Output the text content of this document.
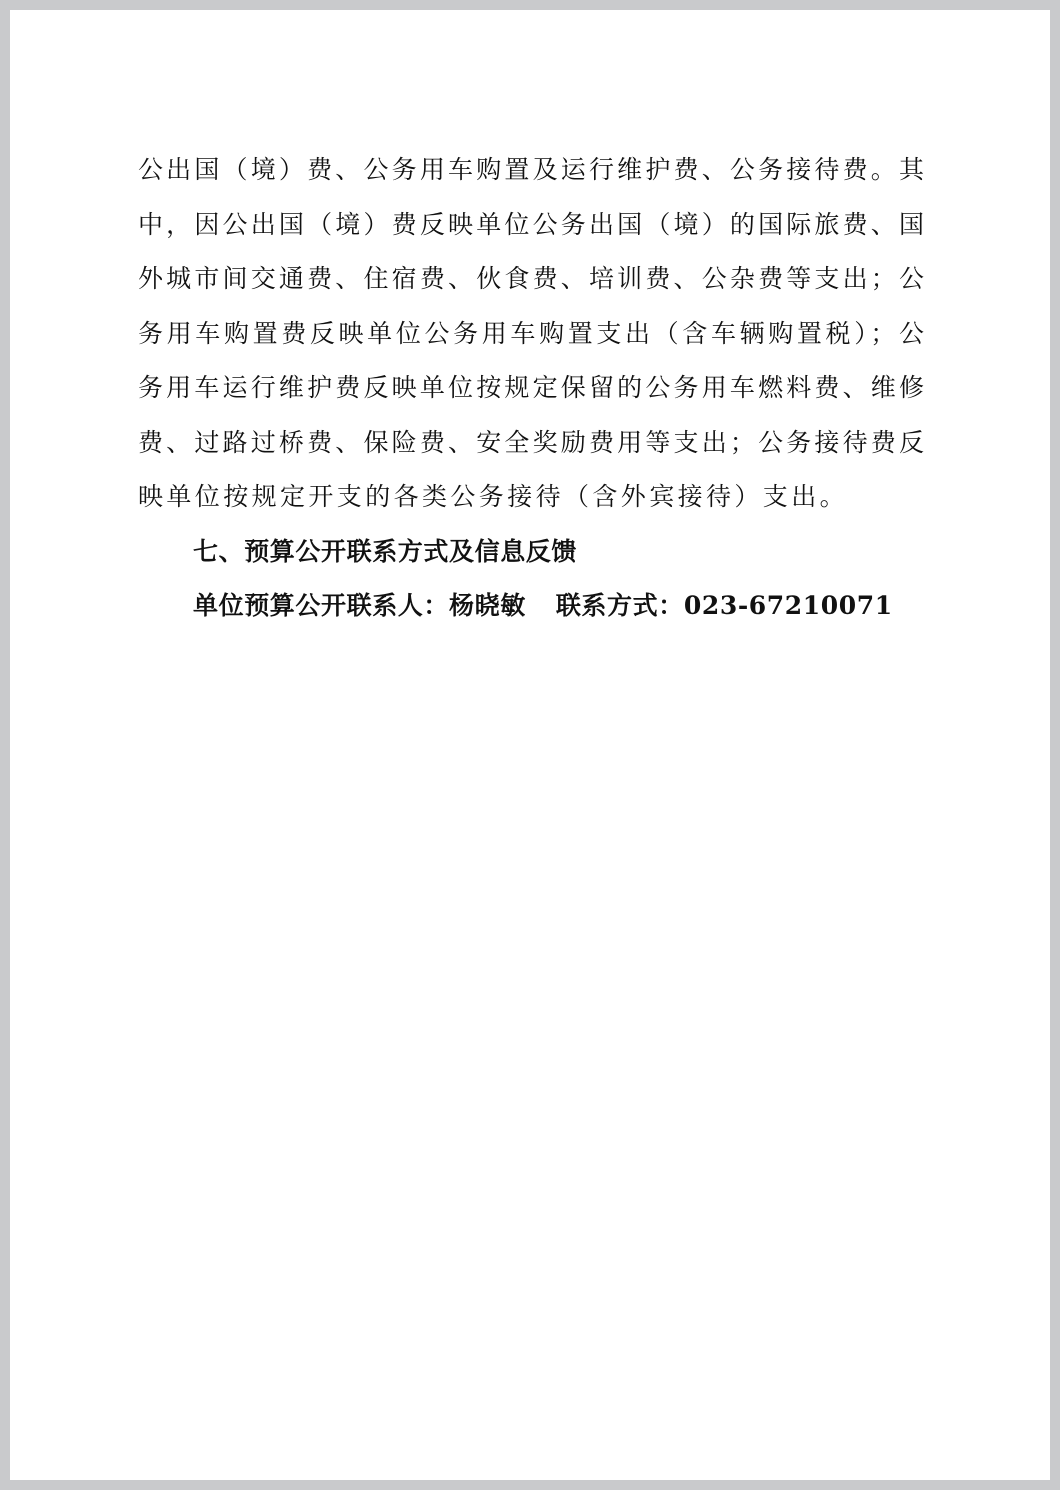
公出国（境）费、公务用车购置及运行维护费、公务接待费。其
中，因公出国（境）费反映单位公务出国（境）的国际旅费、国
外城市间交通费、住宿费、伙食费、培训费、公杂费等支出；公
务用车购置费反映单位公务用车购置支出（含车辆购置税）；公
务用车运行维护费反映单位按规定保留的公务用车燃料费、维修
费、过路过桥费、保险费、安全奖励费用等支出；公务接待费反
映单位按规定开支的各类公务接待（含外宾接待）支出。
七、预算公开联系方式及信息反馈
单位预算公开联系人：杨晓敏 联系方式：023-67210071
